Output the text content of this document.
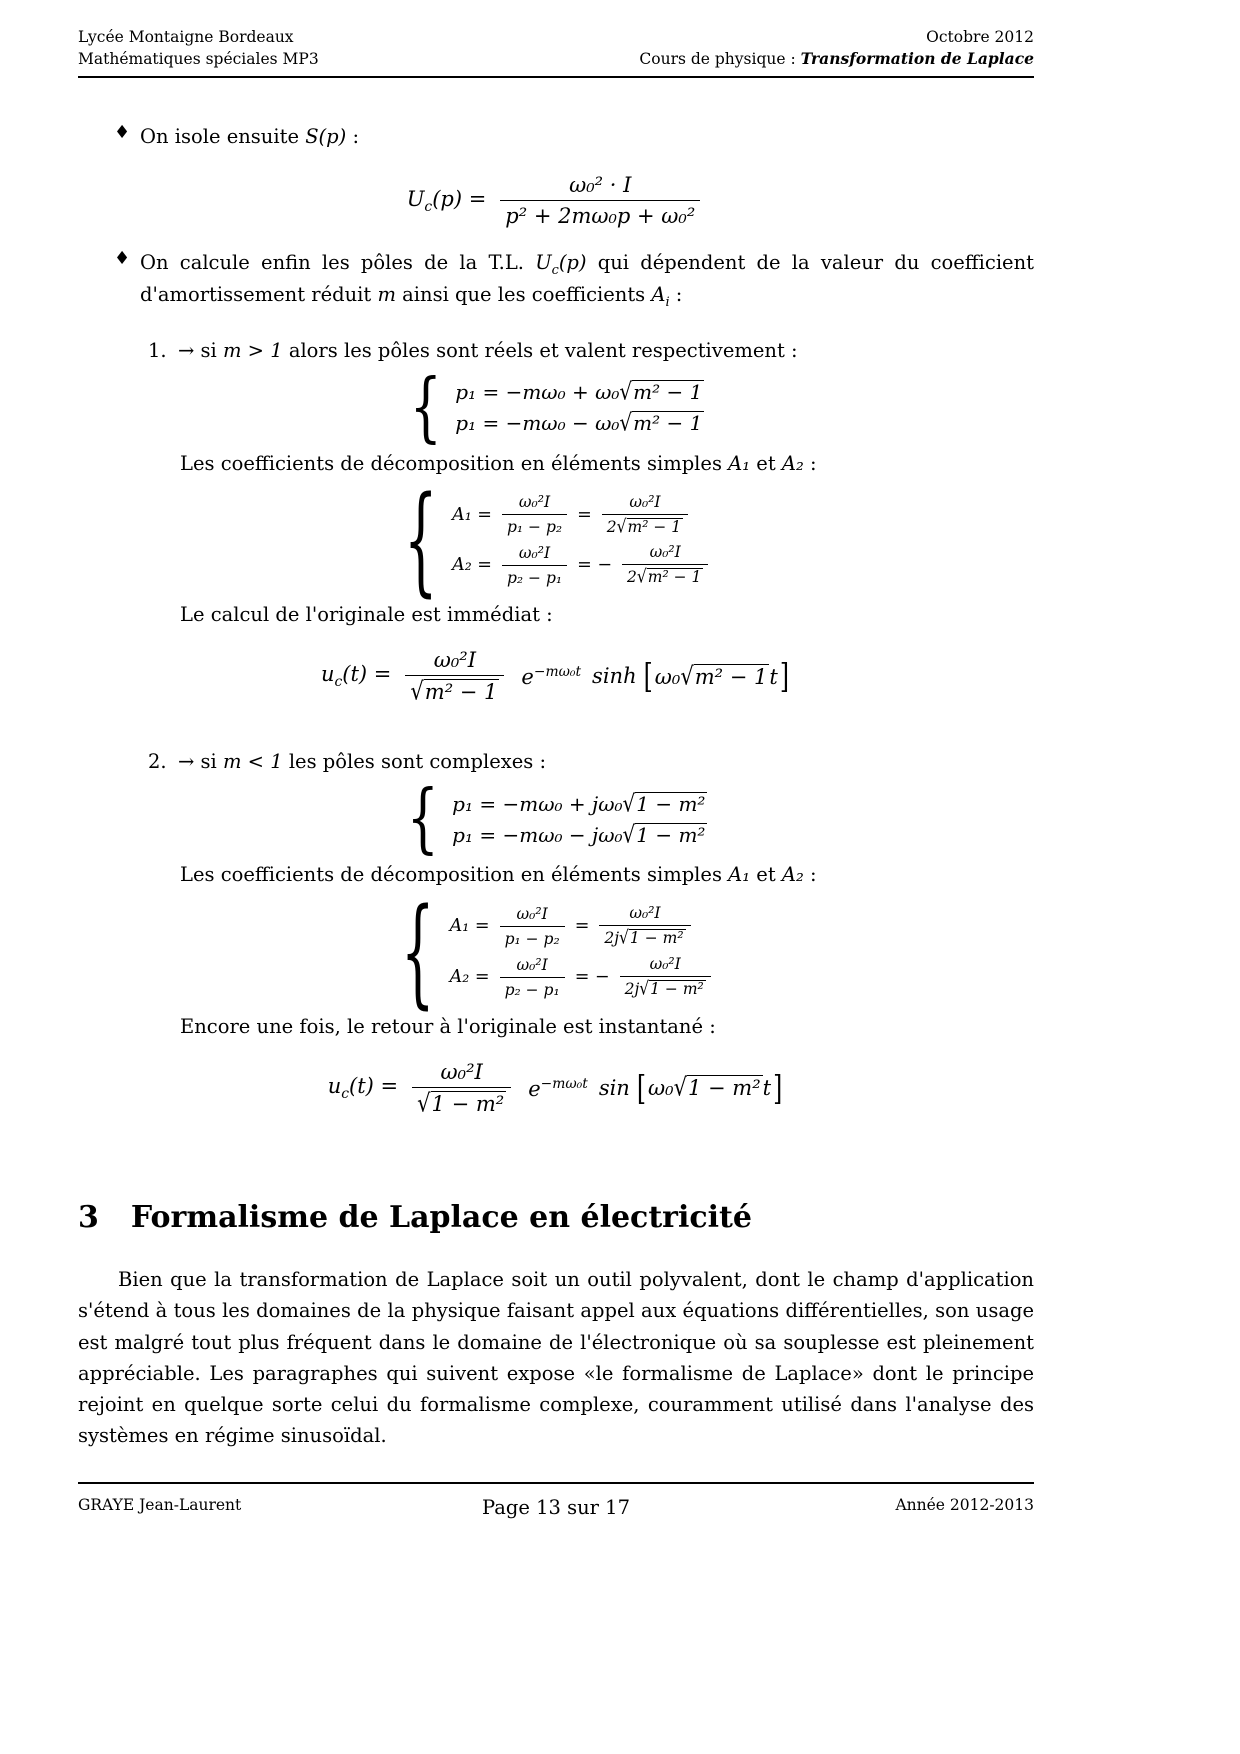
Lycée Montaigne Bordeaux
Mathématiques spéciales MP3
Octobre 2012
Cours de physique : Transformation de Laplace
♦ On isole ensuite S(p) :
$U_c(p) = \frac{\text{ω₀² · I}}{\text{p² + 2mω₀p + ω₀²}}$
♦ On calcule enfin les pôles de la T.L. $U_c(p)$ qui dépendent de la valeur du coefficient d'amortissement réduit m ainsi que les coefficients $A_i$ :
1. → si m > 1 alors les pôles sont réels et valent respectivement :
{ p₁ = −mω₀ + ω₀√m² − 1
p₁ = −mω₀ − ω₀√m² − 1

Les coefficients de décomposition en éléments simples A₁ et A₂ :

{ $A_1 = \frac{\text{ω₀²I}}{\text{p₁ − p₂}} = \frac{\text{ω₀²I}}{\text{2√m² − 1}}$
$A_2 = \frac{\text{ω₀²I}}{\text{p₂ − p₁}}$ = − $\frac{\text{ω₀²I}}{\text{2√m² − 1}}$

Le calcul de l'originale est immédiat :

$u_c(t) = \frac{\text{ω₀²I}}{\text{√m² − 1}} e^{-m\omega_0t}$ sinh [ ω₀√m² − 1t ]
2. → si m < 1 les pôles sont complexes :
{ p₁ = −mω₀ + jω₀√1 − m²
p₁ = −mω₀ − jω₀√1 − m²

Les coefficients de décomposition en éléments simples A₁ et A₂ :

{ $A_1 = \frac{\text{ω₀²I}}{\text{p₁ − p₂}} = \frac{\text{ω₀²I}}{\text{2j√1 − m²}}$
$A_2 = \frac{\text{ω₀²I}}{\text{p₂ − p₁}}$ = − $\frac{\text{ω₀²I}}{\text{2j√1 − m²}}$

Encore une fois, le retour à l'originale est instantané :

$u_c(t) = \frac{\text{ω₀²I}}{\text{√1 − m²}} e^{-m\omega_0t}$ sin [ ω₀√1 − m²t ]
3 Formalisme de Laplace en électricité

Bien que la transformation de Laplace soit un outil polyvalent, dont le champ d'application s'étend à tous les domaines de la physique faisant appel aux équations différentielles, son usage est malgré tout plus fréquent dans le domaine de l'électronique où sa souplesse est pleinement appréciable. Les paragraphes qui suivent expose «le formalisme de Laplace» dont le principe rejoint en quelque sorte celui du formalisme complexe, couramment utilisé dans l'analyse des systèmes en régime sinusoïdal.

GRAYE Jean-Laurent	Page 13 sur 17	Année 2012-2013
